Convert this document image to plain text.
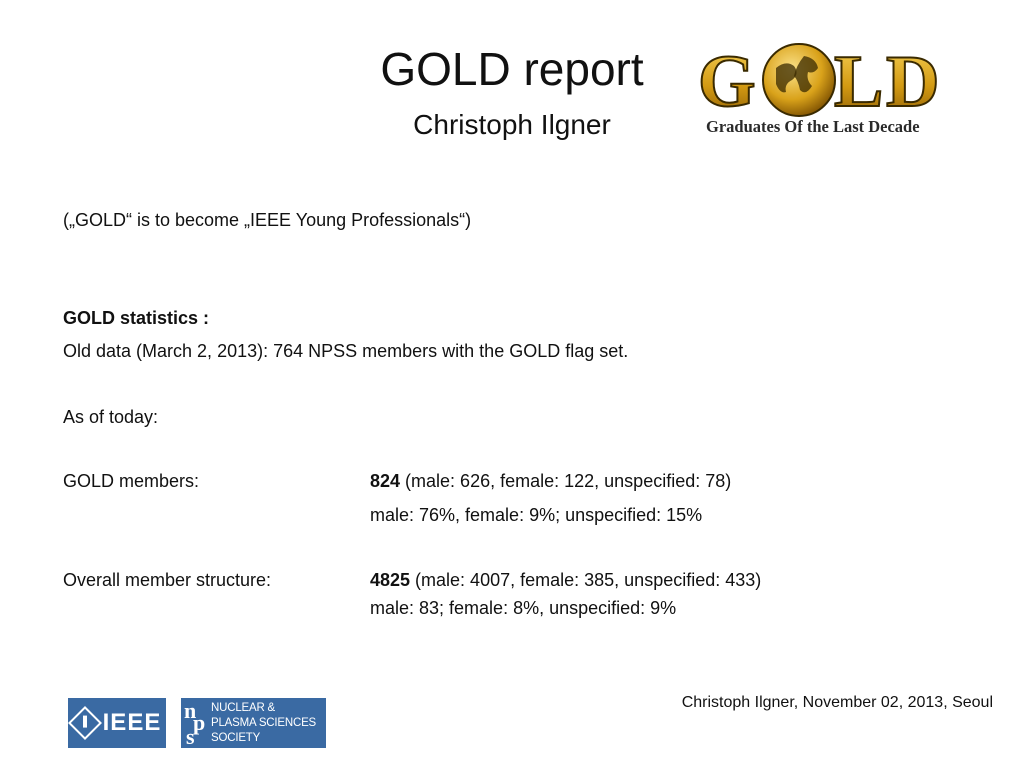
GOLD report
Christoph Ilgner
G L D
Graduates Of the Last Decade
(„GOLD“ is to become „IEEE Young Professionals“)
GOLD statistics :
Old data (March 2, 2013): 764 NPSS members with the GOLD flag set.
As of today:
GOLD members:	824 (male: 626, female: 122, unspecified: 78)
male: 76%, female: 9%; unspecified: 15%
Overall member structure:	4825 (male: 4007, female: 385, unspecified: 433)
male: 83; female: 8%, unspecified: 9%
IEEE n
p
s
NUCLEAR &
PLASMA SCIENCES
SOCIETY
Christoph Ilgner, November 02, 2013, Seoul
